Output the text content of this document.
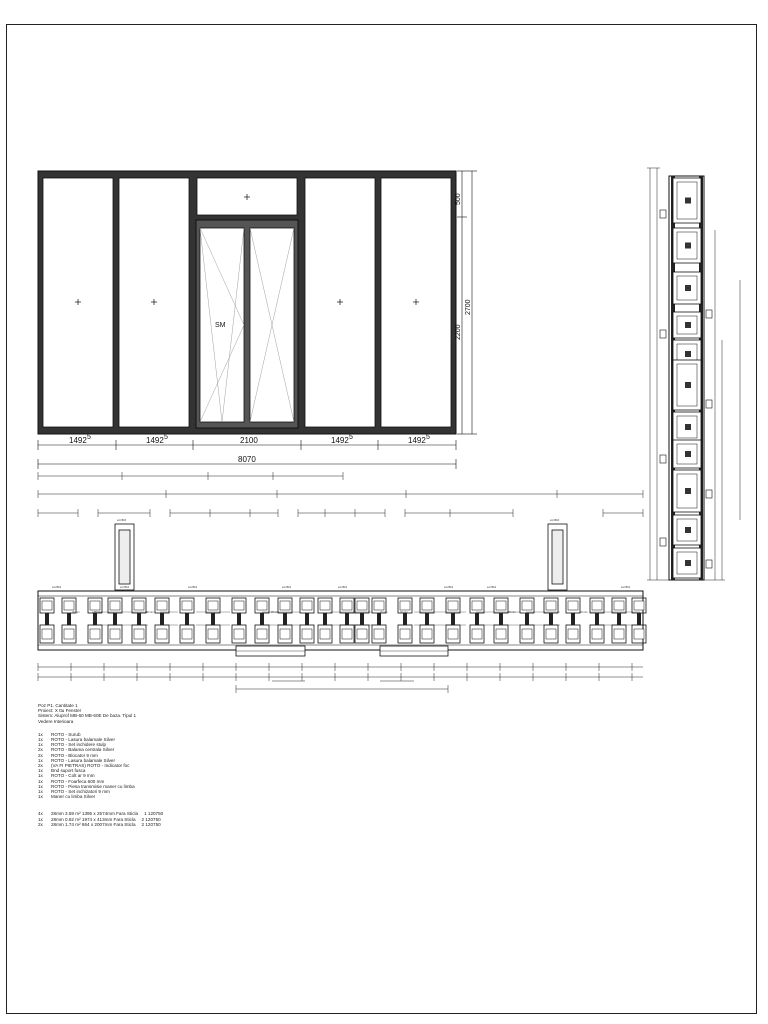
SM
1492 5	1492 5	2100	1492 5	1492 5
8070
500
2200
2700
a1.0803	a1.0803
a1.05b4	a1.05b4	a1.05b4	a1.05b4	a1.05b4	a1.05b4	a1.05b4	a1.05b4
20 mm	20 mm	20 mm	20 mm	20 mm	20 mm	20 mm	20 mm
Poz P1. Cantitate 1
Proiect: X ttu Fenster
Sistem: Aluprof MB-60 MB-60E De baza. Tipul 1
Vedere Interioara
1x	ROTO - Surub
1x	ROTO - Lasura balamale Silver
1x	ROTO - Set inchidere stulp
2x	ROTO - Balama centrala Silver
2x	ROTO - Blocator 9 mm
1x	ROTO - Lasura balamale Silver
2x	(VA FI PIETRAS) ROTO - Indicator foc
1x	Bnd suport fusca
1x	ROTO - Colt ar 9 mm
1x	ROTO - Foarfeca 600 mm
1x	ROTO - Piesa transmisie maner cu limba
1x	ROTO - Set inchizatori 9 mm
1x	Maner cu limba Silver
4x	28mm 3.59 m² 1395 x 2574mm Fara Sticla 1 120750
1x	28mm 0.82 m² 1974 x 413mm Fara Sticla 2 120750
2x	28mm 1.74 m² 864 x 2007mm Fara Sticla 2 120750
